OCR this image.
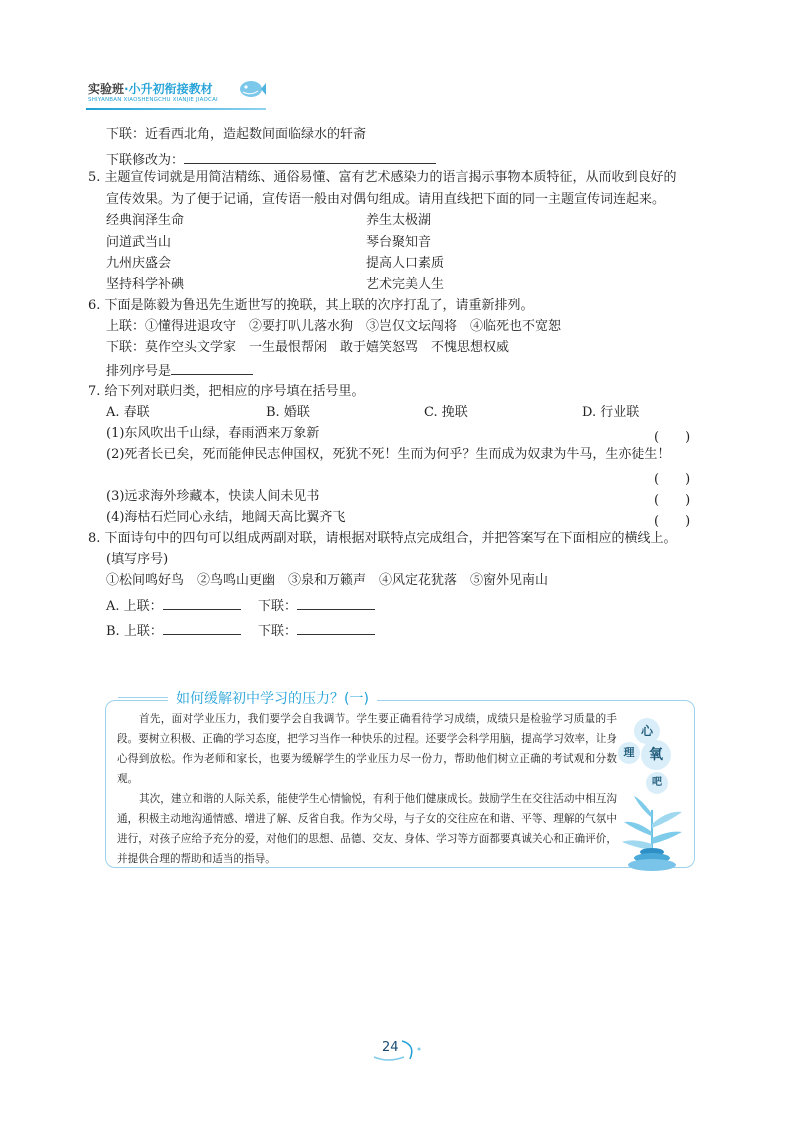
实验班·小升初衔接教材
SHIYANBAN XIAOSHENGCHU XIANJIE JIAOCAI
下联：近看西北角，造起数间面临绿水的轩斋
下联修改为：
5. 主题宣传词就是用简洁精练、通俗易懂、富有艺术感染力的语言揭示事物本质特征，从而收到良好的
宣传效果。为了便于记诵，宣传语一般由对偶句组成。请用直线把下面的同一主题宣传词连起来。
经典润泽生命	养生太极湖
问道武当山	琴台聚知音
九州庆盛会	提高人口素质
坚持科学补碘	艺术完美人生
6. 下面是陈毅为鲁迅先生逝世写的挽联，其上联的次序打乱了，请重新排列。
上联：①懂得进退攻守　②要打叭儿落水狗　③岂仅文坛闯将　④临死也不宽恕
下联：莫作空头文学家　一生最恨帮闲　敢于嬉笑怒骂　不愧思想权威
排列序号是
7. 给下列对联归类，把相应的序号填在括号里。
A. 春联	B. 婚联	C. 挽联	D. 行业联
(1)东风吹出千山绿，春雨洒来万象新	(　　)
(2)死者长已矣，死而能伸民志伸国权，死犹不死！生而为何乎？生而成为奴隶为牛马，生亦徒生！
(　　)
(3)远求海外珍藏本，快读人间未见书	(　　)
(4)海枯石烂同心永结，地阔天高比翼齐飞	(　　)
8. 下面诗句中的四句可以组成两副对联，请根据对联特点完成组合，并把答案写在下面相应的横线上。
(填写序号)
①松间鸣好鸟　②鸟鸣山更幽　③泉和万籁声　④风定花犹落　⑤窗外见南山
A. 上联：	下联：
B. 上联：	下联：
如何缓解初中学习的压力？(一)
首先，面对学业压力，我们要学会自我调节。学生要正确看待学习成绩，成绩只是检验学习质量的手段。要树立积极、正确的学习态度，把学习当作一种快乐的过程。还要学会科学用脑，提高学习效率，让身心得到放松。作为老师和家长，也要为缓解学生的学业压力尽一份力，帮助他们树立正确的考试观和分数观。
其次，建立和谐的人际关系，能使学生心情愉悦，有利于他们健康成长。鼓励学生在交往活动中相互沟通，积极主动地沟通情感、增进了解、反省自我。作为父母，与子女的交往应在和谐、平等、理解的气氛中进行，对孩子应给予充分的爱，对他们的思想、品德、交友、身体、学习等方面都要真诚关心和正确评价，并提供合理的帮助和适当的指导。
心
理	氧
吧
24
